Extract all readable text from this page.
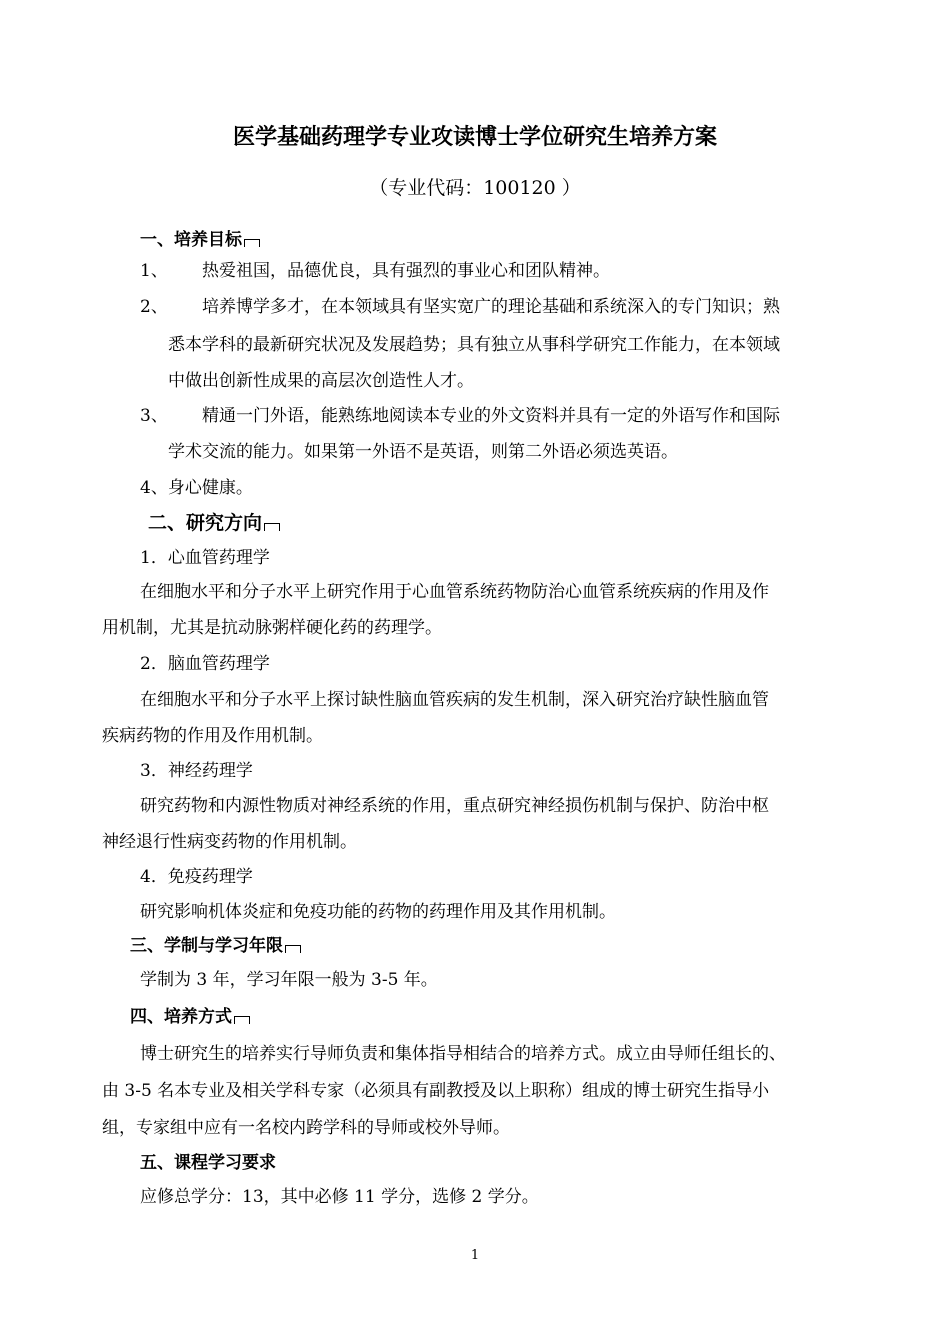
医学基础药理学专业攻读博士学位研究生培养方案
（专业代码：100120 ）
一、培养目标
1、 热爱祖国，品德优良，具有强烈的事业心和团队精神。
2、 培养博学多才，在本领域具有坚实宽广的理论基础和系统深入的专门知识；熟
悉本学科的最新研究状况及发展趋势；具有独立从事科学研究工作能力，在本领域
中做出创新性成果的高层次创造性人才。
3、 精通一门外语，能熟练地阅读本专业的外文资料并具有一定的外语写作和国际
学术交流的能力。如果第一外语不是英语，则第二外语必须选英语。
4、身心健康。
二、研究方向
1．心血管药理学
在细胞水平和分子水平上研究作用于心血管系统药物防治心血管系统疾病的作用及作
用机制，尤其是抗动脉粥样硬化药的药理学。
2．脑血管药理学
在细胞水平和分子水平上探讨缺性脑血管疾病的发生机制，深入研究治疗缺性脑血管
疾病药物的作用及作用机制。
3．神经药理学
研究药物和内源性物质对神经系统的作用，重点研究神经损伤机制与保护、防治中枢
神经退行性病变药物的作用机制。
4．免疫药理学
研究影响机体炎症和免疫功能的药物的药理作用及其作用机制。
三、学制与学习年限
学制为 3 年，学习年限一般为 3-5 年。
四、培养方式
博士研究生的培养实行导师负责和集体指导相结合的培养方式。成立由导师任组长的、
由 3-5 名本专业及相关学科专家（必须具有副教授及以上职称）组成的博士研究生指导小
组，专家组中应有一名校内跨学科的导师或校外导师。
五、课程学习要求
应修总学分：13，其中必修 11 学分，选修 2 学分。
1
